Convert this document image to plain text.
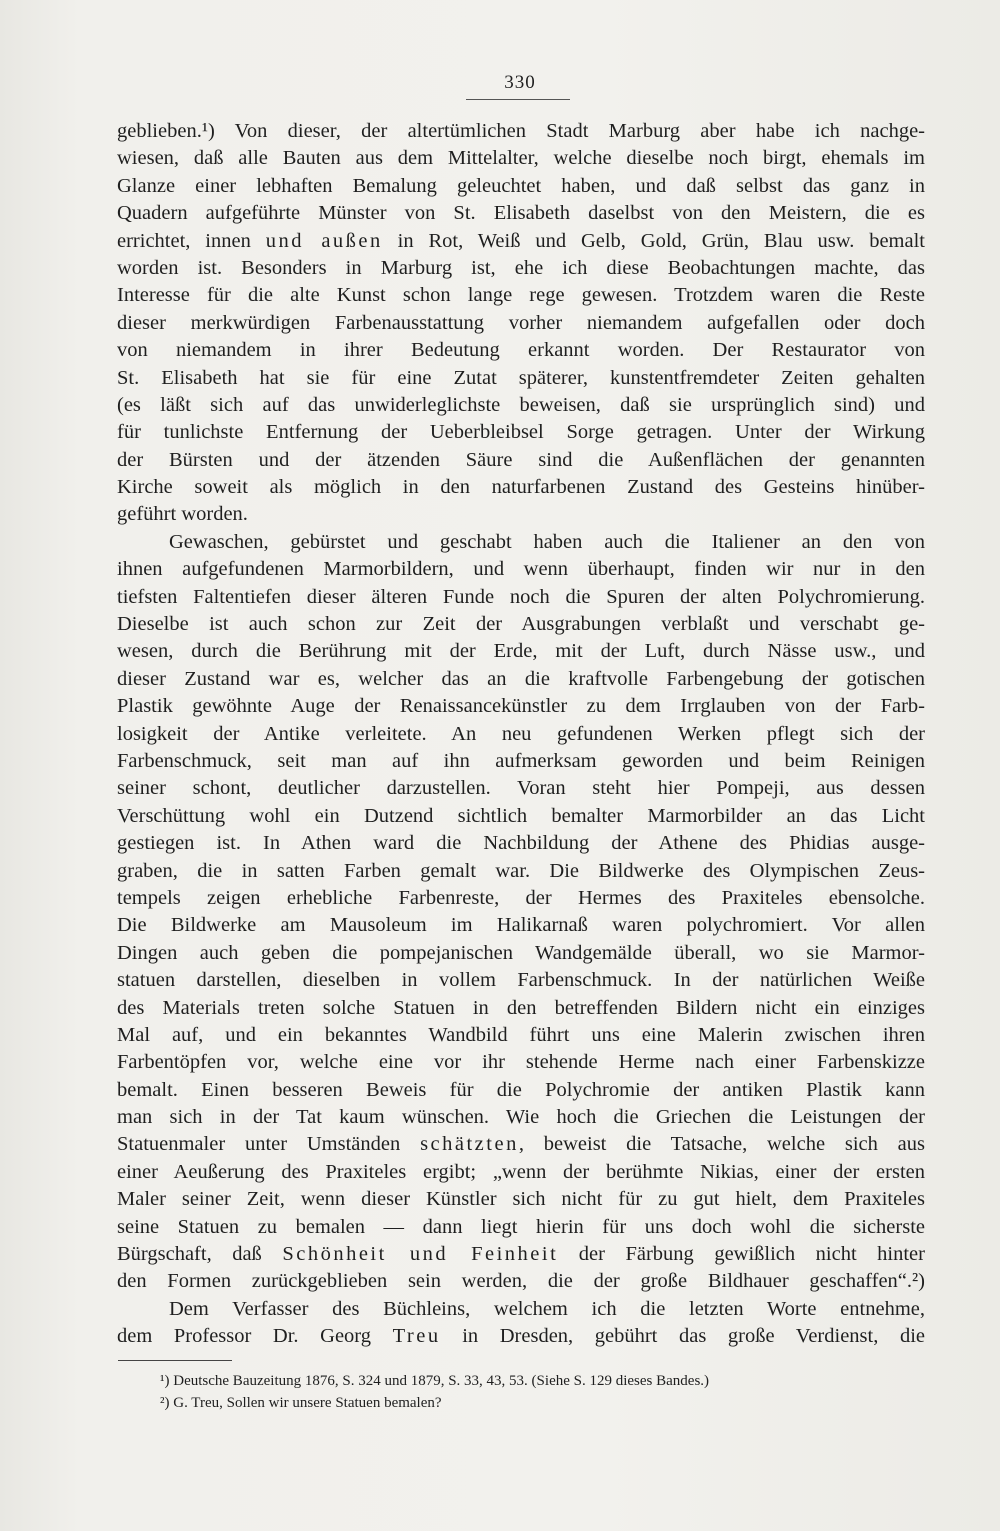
330
geblieben.¹) Von dieser, der altertümlichen Stadt Marburg aber habe ich nachge-
wiesen, daß alle Bauten aus dem Mittelalter, welche dieselbe noch birgt, ehemals im
Glanze einer lebhaften Bemalung geleuchtet haben, und daß selbst das ganz in
Quadern aufgeführte Münster von St. Elisabeth daselbst von den Meistern, die es
errichtet, innen und außen in Rot, Weiß und Gelb, Gold, Grün, Blau usw. bemalt
worden ist. Besonders in Marburg ist, ehe ich diese Beobachtungen machte, das
Interesse für die alte Kunst schon lange rege gewesen. Trotzdem waren die Reste
dieser merkwürdigen Farbenausstattung vorher niemandem aufgefallen oder doch
von niemandem in ihrer Bedeutung erkannt worden. Der Restaurator von
St. Elisabeth hat sie für eine Zutat späterer, kunstentfremdeter Zeiten gehalten
(es läßt sich auf das unwiderleglichste beweisen, daß sie ursprünglich sind) und
für tunlichste Entfernung der Ueberbleibsel Sorge getragen. Unter der Wirkung
der Bürsten und der ätzenden Säure sind die Außenflächen der genannten
Kirche soweit als möglich in den naturfarbenen Zustand des Gesteins hinüber-
geführt worden.
Gewaschen, gebürstet und geschabt haben auch die Italiener an den von
ihnen aufgefundenen Marmorbildern, und wenn überhaupt, finden wir nur in den
tiefsten Faltentiefen dieser älteren Funde noch die Spuren der alten Polychromierung.
Dieselbe ist auch schon zur Zeit der Ausgrabungen verblaßt und verschabt ge-
wesen, durch die Berührung mit der Erde, mit der Luft, durch Nässe usw., und
dieser Zustand war es, welcher das an die kraftvolle Farbengebung der gotischen
Plastik gewöhnte Auge der Renaissancekünstler zu dem Irrglauben von der Farb-
losigkeit der Antike verleitete. An neu gefundenen Werken pflegt sich der
Farbenschmuck, seit man auf ihn aufmerksam geworden und beim Reinigen
seiner schont, deutlicher darzustellen. Voran steht hier Pompeji, aus dessen
Verschüttung wohl ein Dutzend sichtlich bemalter Marmorbilder an das Licht
gestiegen ist. In Athen ward die Nachbildung der Athene des Phidias ausge-
graben, die in satten Farben gemalt war. Die Bildwerke des Olympischen Zeus-
tempels zeigen erhebliche Farbenreste, der Hermes des Praxiteles ebensolche.
Die Bildwerke am Mausoleum im Halikarnaß waren polychromiert. Vor allen
Dingen auch geben die pompejanischen Wandgemälde überall, wo sie Marmor-
statuen darstellen, dieselben in vollem Farbenschmuck. In der natürlichen Weiße
des Materials treten solche Statuen in den betreffenden Bildern nicht ein einziges
Mal auf, und ein bekanntes Wandbild führt uns eine Malerin zwischen ihren
Farbentöpfen vor, welche eine vor ihr stehende Herme nach einer Farbenskizze
bemalt. Einen besseren Beweis für die Polychromie der antiken Plastik kann
man sich in der Tat kaum wünschen. Wie hoch die Griechen die Leistungen der
Statuenmaler unter Umständen schätzten, beweist die Tatsache, welche sich aus
einer Aeußerung des Praxiteles ergibt; „wenn der berühmte Nikias, einer der ersten
Maler seiner Zeit, wenn dieser Künstler sich nicht für zu gut hielt, dem Praxiteles
seine Statuen zu bemalen — dann liegt hierin für uns doch wohl die sicherste
Bürgschaft, daß Schönheit und Feinheit der Färbung gewißlich nicht hinter
den Formen zurückgeblieben sein werden, die der große Bildhauer geschaffen“.²)
Dem Verfasser des Büchleins, welchem ich die letzten Worte entnehme,
dem Professor Dr. Georg Treu in Dresden, gebührt das große Verdienst, die
¹) Deutsche Bauzeitung 1876, S. 324 und 1879, S. 33, 43, 53. (Siehe S. 129 dieses Bandes.)
²) G. Treu, Sollen wir unsere Statuen bemalen?
